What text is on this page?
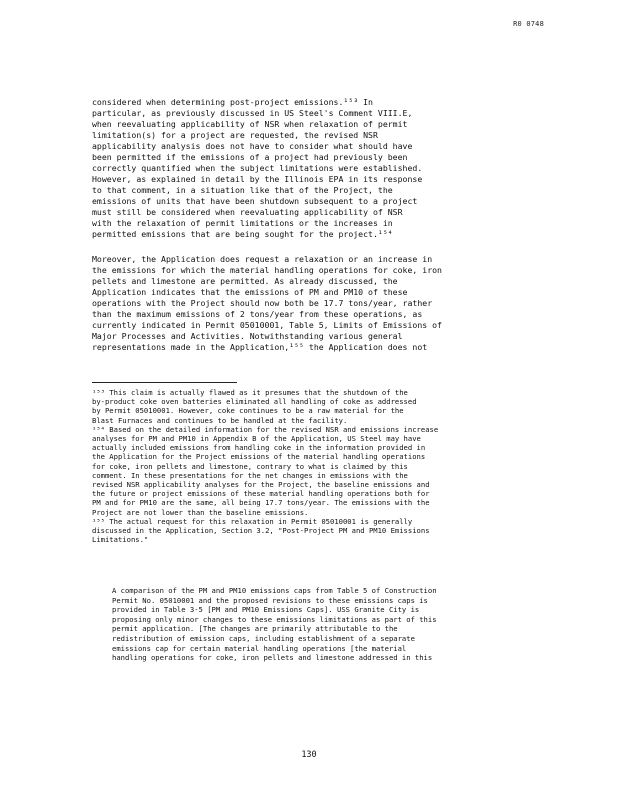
R0 0748
considered when determining post-project emissions.¹⁵³ In
particular, as previously discussed in US Steel's Comment VIII.E,
when reevaluating applicability of NSR when relaxation of permit
limitation(s) for a project are requested, the revised NSR
applicability analysis does not have to consider what should have
been permitted if the emissions of a project had previously been
correctly quantified when the subject limitations were established.
However, as explained in detail by the Illinois EPA in its response
to that comment, in a situation like that of the Project, the
emissions of units that have been shutdown subsequent to a project
must still be considered when reevaluating applicability of NSR
with the relaxation of permit limitations or the increases in
permitted emissions that are being sought for the project.¹⁵⁴
Moreover, the Application does request a relaxation or an increase in
the emissions for which the material handling operations for coke, iron
pellets and limestone are permitted. As already discussed, the
Application indicates that the emissions of PM and PM10 of these
operations with the Project should now both be 17.7 tons/year, rather
than the maximum emissions of 2 tons/year from these operations, as
currently indicated in Permit 05010001, Table 5, Limits of Emissions of
Major Processes and Activities. Notwithstanding various general
representations made in the Application,¹⁵⁵ the Application does not
¹⁵³ This claim is actually flawed as it presumes that the shutdown of the
by-product coke oven batteries eliminated all handling of coke as addressed
by Permit 05010001. However, coke continues to be a raw material for the
Blast Furnaces and continues to be handled at the facility.
¹⁵⁴ Based on the detailed information for the revised NSR and emissions increase
analyses for PM and PM10 in Appendix B of the Application, US Steel may have
actually included emissions from handling coke in the information provided in
the Application for the Project emissions of the material handling operations
for coke, iron pellets and limestone, contrary to what is claimed by this
comment. In these presentations for the net changes in emissions with the
revised NSR applicability analyses for the Project, the baseline emissions and
the future or project emissions of these material handling operations both for
PM and for PM10 are the same, all being 17.7 tons/year. The emissions with the
Project are not lower than the baseline emissions.
¹⁵⁵ The actual request for this relaxation in Permit 05010001 is generally
discussed in the Application, Section 3.2, "Post-Project PM and PM10 Emissions
Limitations."
A comparison of the PM and PM10 emissions caps from Table 5 of Construction
Permit No. 05010001 and the proposed revisions to these emissions caps is
provided in Table 3-5 [PM and PM10 Emissions Caps]. USS Granite City is
proposing only minor changes to these emissions limitations as part of this
permit application. [The changes are primarily attributable to the
redistribution of emission caps, including establishment of a separate
emissions cap for certain material handling operations [the material
handling operations for coke, iron pellets and limestone addressed in this
130
